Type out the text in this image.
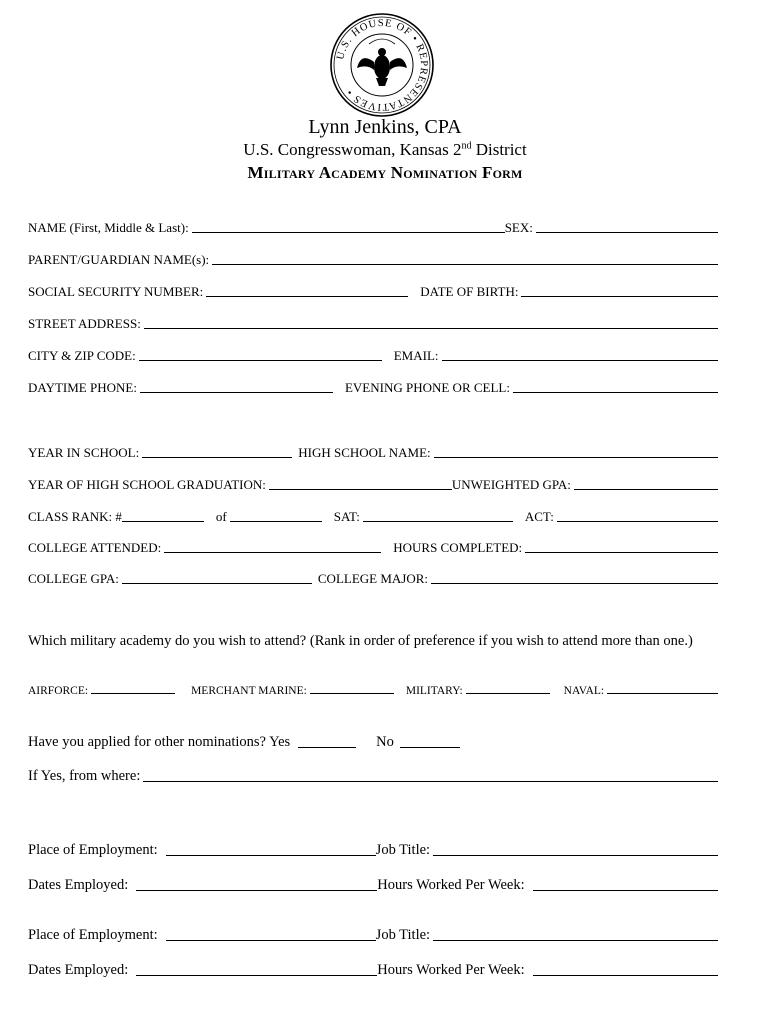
U.S. HOUSE OF • REPRESENTATIVES •
Lynn Jenkins, CPA
U.S. Congresswoman, Kansas 2nd District
Military Academy Nomination Form
NAME (First, Middle & Last):	SEX:
PARENT/GUARDIAN NAME(s):
SOCIAL SECURITY NUMBER:	DATE OF BIRTH:
STREET ADDRESS:
CITY & ZIP CODE:	EMAIL:
DAYTIME PHONE:	EVENING PHONE OR CELL:
YEAR IN SCHOOL:	HIGH SCHOOL NAME:
YEAR OF HIGH SCHOOL GRADUATION:	UNWEIGHTED GPA:
CLASS RANK: #	of	SAT:	ACT:
COLLEGE ATTENDED:	HOURS COMPLETED:
COLLEGE GPA:	COLLEGE MAJOR:
Which military academy do you wish to attend? (Rank in order of preference if you wish to attend more than one.)
AIRFORCE:	MERCHANT MARINE:	MILITARY:	NAVAL:
Have you applied for other nominations? Yes	No
If Yes, from where:
Place of Employment:	Job Title:
Dates Employed:	Hours Worked Per Week:
Place of Employment:	Job Title:
Dates Employed:	Hours Worked Per Week:
